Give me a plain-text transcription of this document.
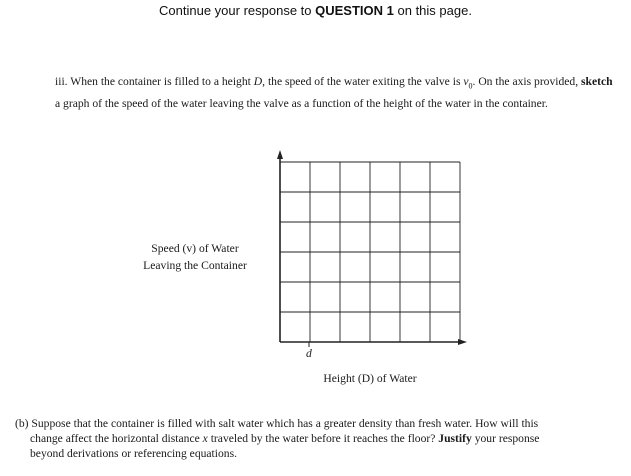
Continue your response to QUESTION 1 on this page.
iii. When the container is filled to a height D, the speed of the water exiting the valve is $v_0$. On the axis provided, sketch a graph of the speed of the water leaving the valve as a function of the height of the water in the container.
Speed (v) of Water
Leaving the Container
d
Height (D) of Water
(b) Suppose that the container is filled with salt water which has a greater density than fresh water. How will this
change affect the horizontal distance x traveled by the water before it reaches the floor? Justify your response
beyond derivations or referencing equations.
